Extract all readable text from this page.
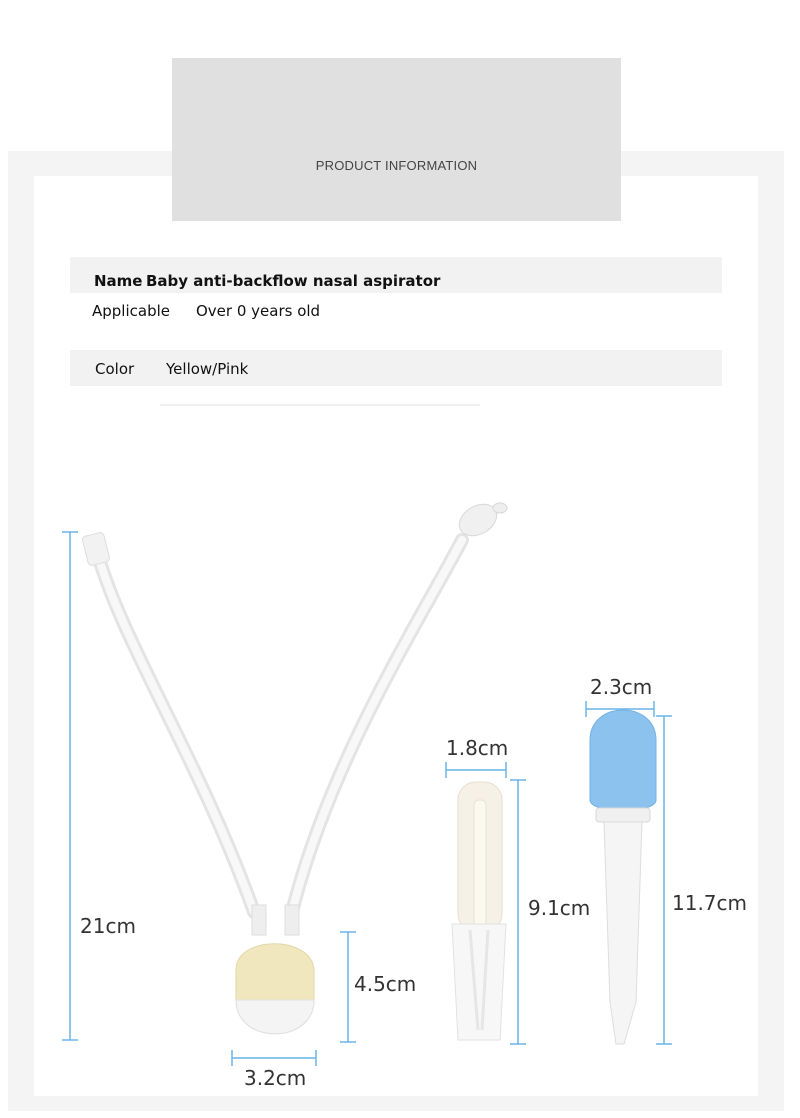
PRODUCT INFORMATION
Name Baby anti-backflow nasal aspirator
Applicable Over 0 years old
Color Yellow/Pink
21cm
4.5cm
3.2cm
1.8cm
9.1cm
2.3cm
11.7cm
